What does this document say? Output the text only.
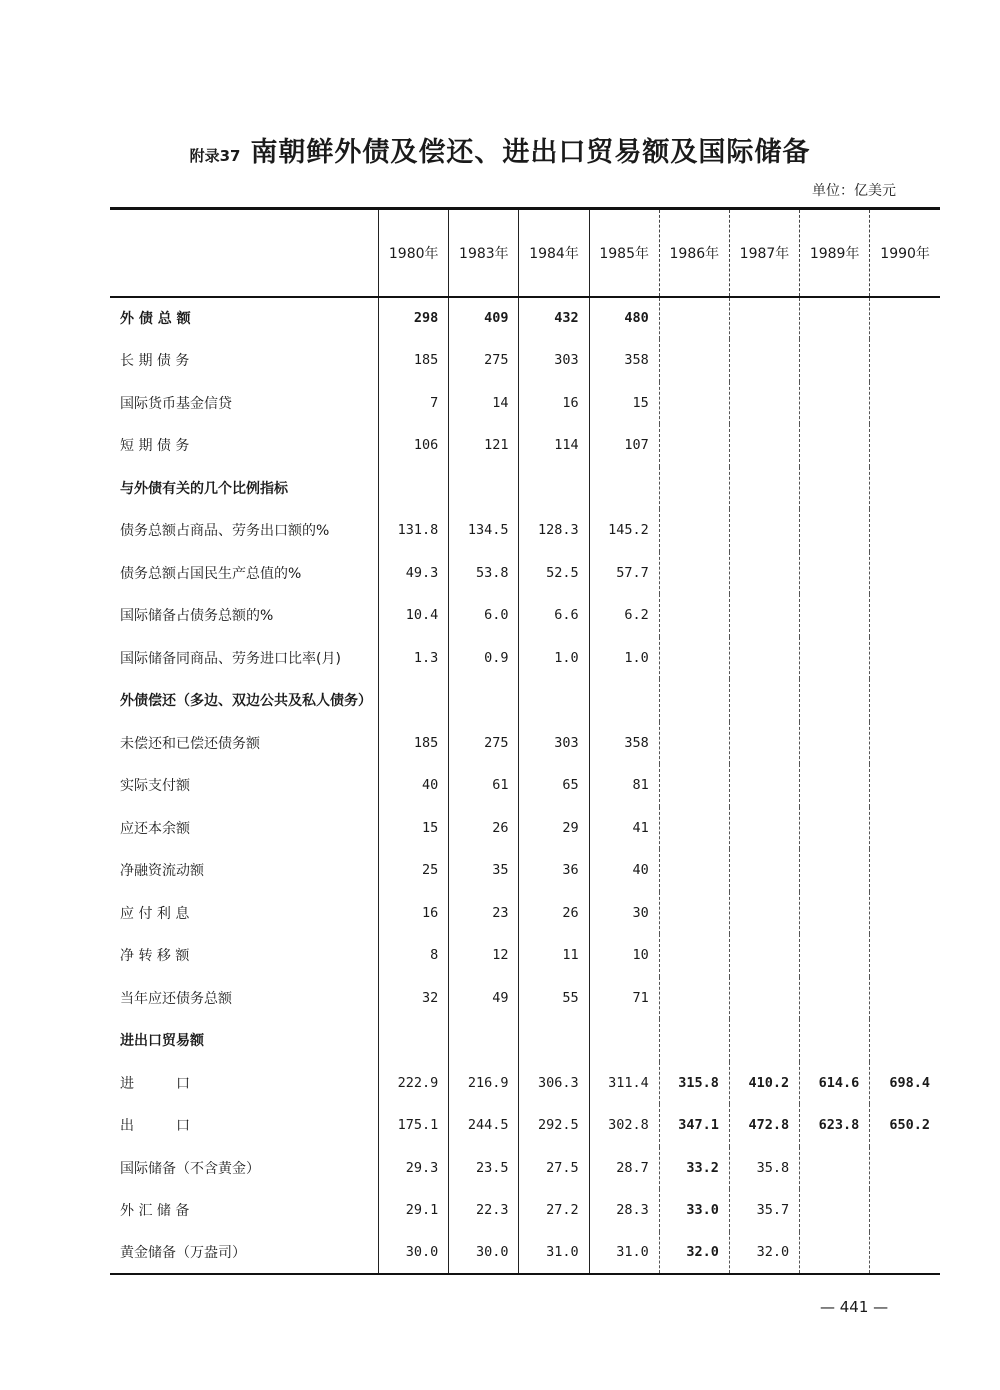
附录37 南朝鲜外债及偿还、进出口贸易额及国际储备
单位：亿美元
	1980年	1983年	1984年	1985年	1986年	1987年	1989年	1990年
外 债 总 额	298	409	432	480				
长 期 债 务	185	275	303	358				
国际货币基金信贷	7	14	16	15				
短 期 债 务	106	121	114	107				
与外债有关的几个比例指标								
债务总额占商品、劳务出口额的%	131.8	134.5	128.3	145.2				
债务总额占国民生产总值的%	49.3	53.8	52.5	57.7				
国际储备占债务总额的%	10.4	6.0	6.6	6.2				
国际储备同商品、劳务进口比率(月)	1.3	0.9	1.0	1.0				
外债偿还（多边、双边公共及私人债务）								
未偿还和已偿还债务额	185	275	303	358				
实际支付额	40	61	65	81				
应还本余额	15	26	29	41				
净融资流动额	25	35	36	40				
应 付 利 息	16	23	26	30				
净 转 移 额	8	12	11	10				
当年应还债务总额	32	49	55	71				
进出口贸易额								
进　　　口	222.9	216.9	306.3	311.4	315.8	410.2	614.6	698.4
出　　　口	175.1	244.5	292.5	302.8	347.1	472.8	623.8	650.2
国际储备（不含黄金）	29.3	23.5	27.5	28.7	33.2	35.8		
外 汇 储 备	29.1	22.3	27.2	28.3	33.0	35.7		
黄金储备（万盎司）	30.0	30.0	31.0	31.0	32.0	32.0		
— 441 —
